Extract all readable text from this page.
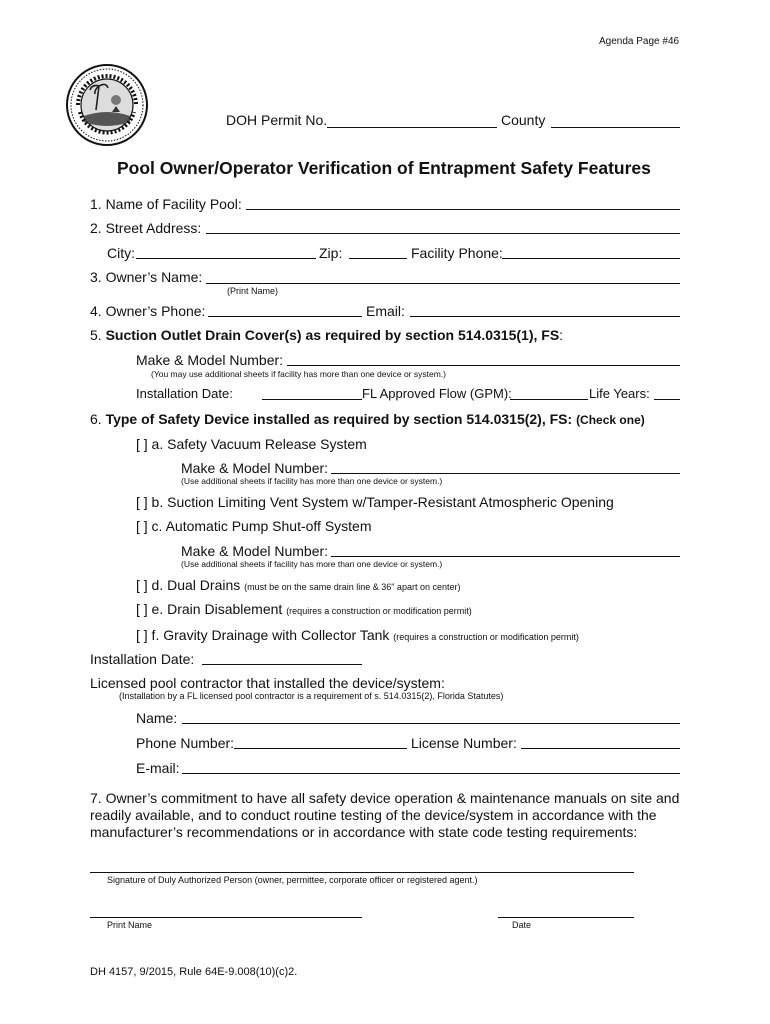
Agenda Page #46
DOH Permit No.	County
Pool Owner/Operator Verification of Entrapment Safety Features
1. Name of Facility Pool:
2. Street Address:
City:	Zip:	Facility Phone:
3. Owner’s Name:
(Print Name)
4. Owner’s Phone:	Email:
5. Suction Outlet Drain Cover(s) as required by section 514.0315(1), FS:
Make & Model Number:
(You may use additional sheets if facility has more than one device or system.)
Installation Date:	FL Approved Flow (GPM):	Life Years:
6. Type of Safety Device installed as required by section 514.0315(2), FS: (Check one)
[ ] a. Safety Vacuum Release System
Make & Model Number:
(Use additional sheets if facility has more than one device or system.)
[ ] b. Suction Limiting Vent System w/Tamper-Resistant Atmospheric Opening
[ ] c. Automatic Pump Shut-off System
Make & Model Number:
(Use additional sheets if facility has more than one device or system.)
[ ] d. Dual Drains (must be on the same drain line & 36" apart on center)
[ ] e. Drain Disablement (requires a construction or modification permit)
[ ] f. Gravity Drainage with Collector Tank (requires a construction or modification permit)
Installation Date:
Licensed pool contractor that installed the device/system:
(Installation by a FL licensed pool contractor is a requirement of s. 514.0315(2), Florida Statutes)
Name:
Phone Number:	License Number:
E-mail:
7. Owner’s commitment to have all safety device operation & maintenance manuals on site and readily available, and to conduct routine testing of the device/system in accordance with the manufacturer’s recommendations or in accordance with state code testing requirements:
Signature of Duly Authorized Person (owner, permittee, corporate officer or registered agent.)
Print Name	Date
DH 4157, 9/2015, Rule 64E-9.008(10)(c)2.
